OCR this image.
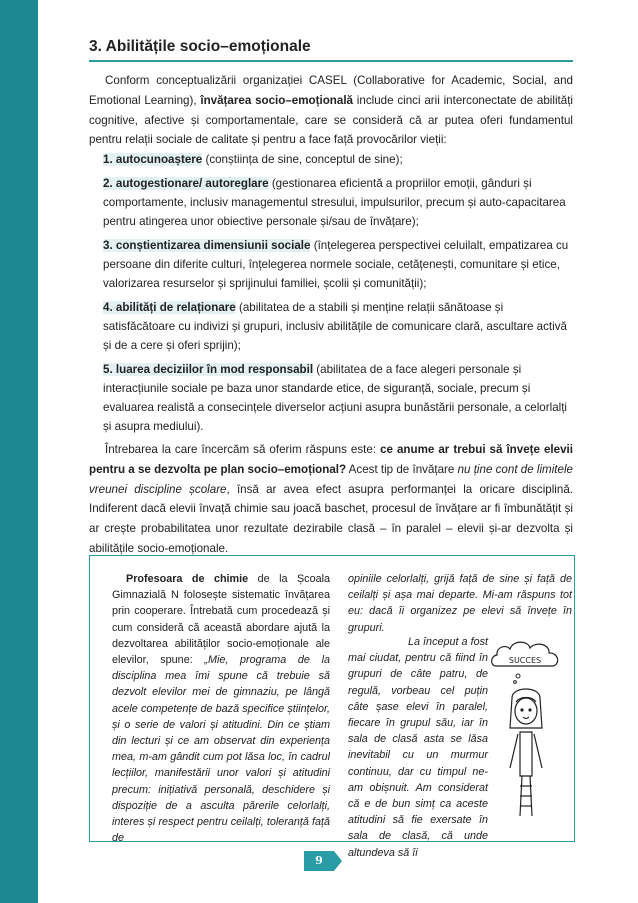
3. Abilitățile socio–emoționale

Conform conceptualizării organizației CASEL (Collaborative for Academic, Social, and Emotional Learning), învățarea socio–emoțională include cinci arii interconectate de abilități cognitive, afective și comportamentale, care se consideră că ar putea oferi fundamentul pentru relații sociale de calitate și pentru a face față provocărilor vieții:

1. autocunoaștere (conștiința de sine, conceptul de sine);
2. autogestionare/ autoreglare (gestionarea eficientă a propriilor emoții, gânduri și comportamente, inclusiv managementul stresului, impulsurilor, precum și auto-capacitarea pentru atingerea unor obiective personale și/sau de învățare);
3. conștientizarea dimensiunii sociale (înțelegerea perspectivei celuilalt, empatizarea cu persoane din diferite culturi, înțelegerea normele sociale, cetățenești, comunitare și etice, valorizarea resurselor și sprijinului familiei, școlii și comunității);
4. abilități de relaționare (abilitatea de a stabili și menține relații sănătoase și satisfăcătoare cu indivizi și grupuri, inclusiv abilitățile de comunicare clară, ascultare activă și de a cere și oferi sprijin);
5. luarea deciziilor în mod responsabil (abilitatea de a face alegeri personale și interacțiunile sociale pe baza unor standarde etice, de siguranță, sociale, precum și evaluarea realistă a consecințele diverselor acțiuni asupra bunăstării personale, a celorlalți și asupra mediului).

Întrebarea la care încercăm să oferim răspuns este: ce anume ar trebui să învețe elevii pentru a se dezvolta pe plan socio–emoțional? Acest tip de învățare nu ține cont de limitele vreunei discipline școlare, însă ar avea efect asupra performanței la oricare disciplină. Indiferent dacă elevii învață chimie sau joacă baschet, procesul de învățare ar fi îmbunătățit și ar crește probabilitatea unor rezultate dezirabile clasă – în paralel – elevii și-ar dezvolta și abilitățile socio-emoționale.

Profesoara de chimie de la Școala Gimnazială N folosește sistematic învățarea prin cooperare. Întrebată cum procedează și cum consideră că această abordare ajută la dezvoltarea abilităților socio-emoționale ale elevilor, spune: „Mie, programa de la disciplina mea îmi spune că trebuie să dezvolt elevilor mei de gimnaziu, pe lângă acele competențe de bază specifice științelor, și o serie de valori și atitudini. Din ce știam din lecturi și ce am observat din experiența mea, m-am gândit cum pot lăsa loc, în cadrul lecțiilor, manifestării unor valori și atitudini precum: inițiativă personală, deschidere și dispoziție de a asculta părerile celorlalți, interes și respect pentru ceilalți, toleranță față de

opiniile celorlalți, grijă față de sine și față de ceilalți și așa mai departe. Mi-am răspuns tot eu: dacă îi organizez pe elevi să învețe în grupuri.

La început a fost mai ciudat, pentru că fiind în grupuri de câte patru, de regulă, vorbeau cel puțin câte șase elevi în paralel, fiecare în grupul său, iar în sala de clasă asta se lăsa inevitabil cu un murmur continuu, dar cu timpul ne-am obișnuit. Am considerat că e de bun simț ca aceste atitudini să fie exersate în sala de clasă, că unde altundeva să îi
SUCCES
9
